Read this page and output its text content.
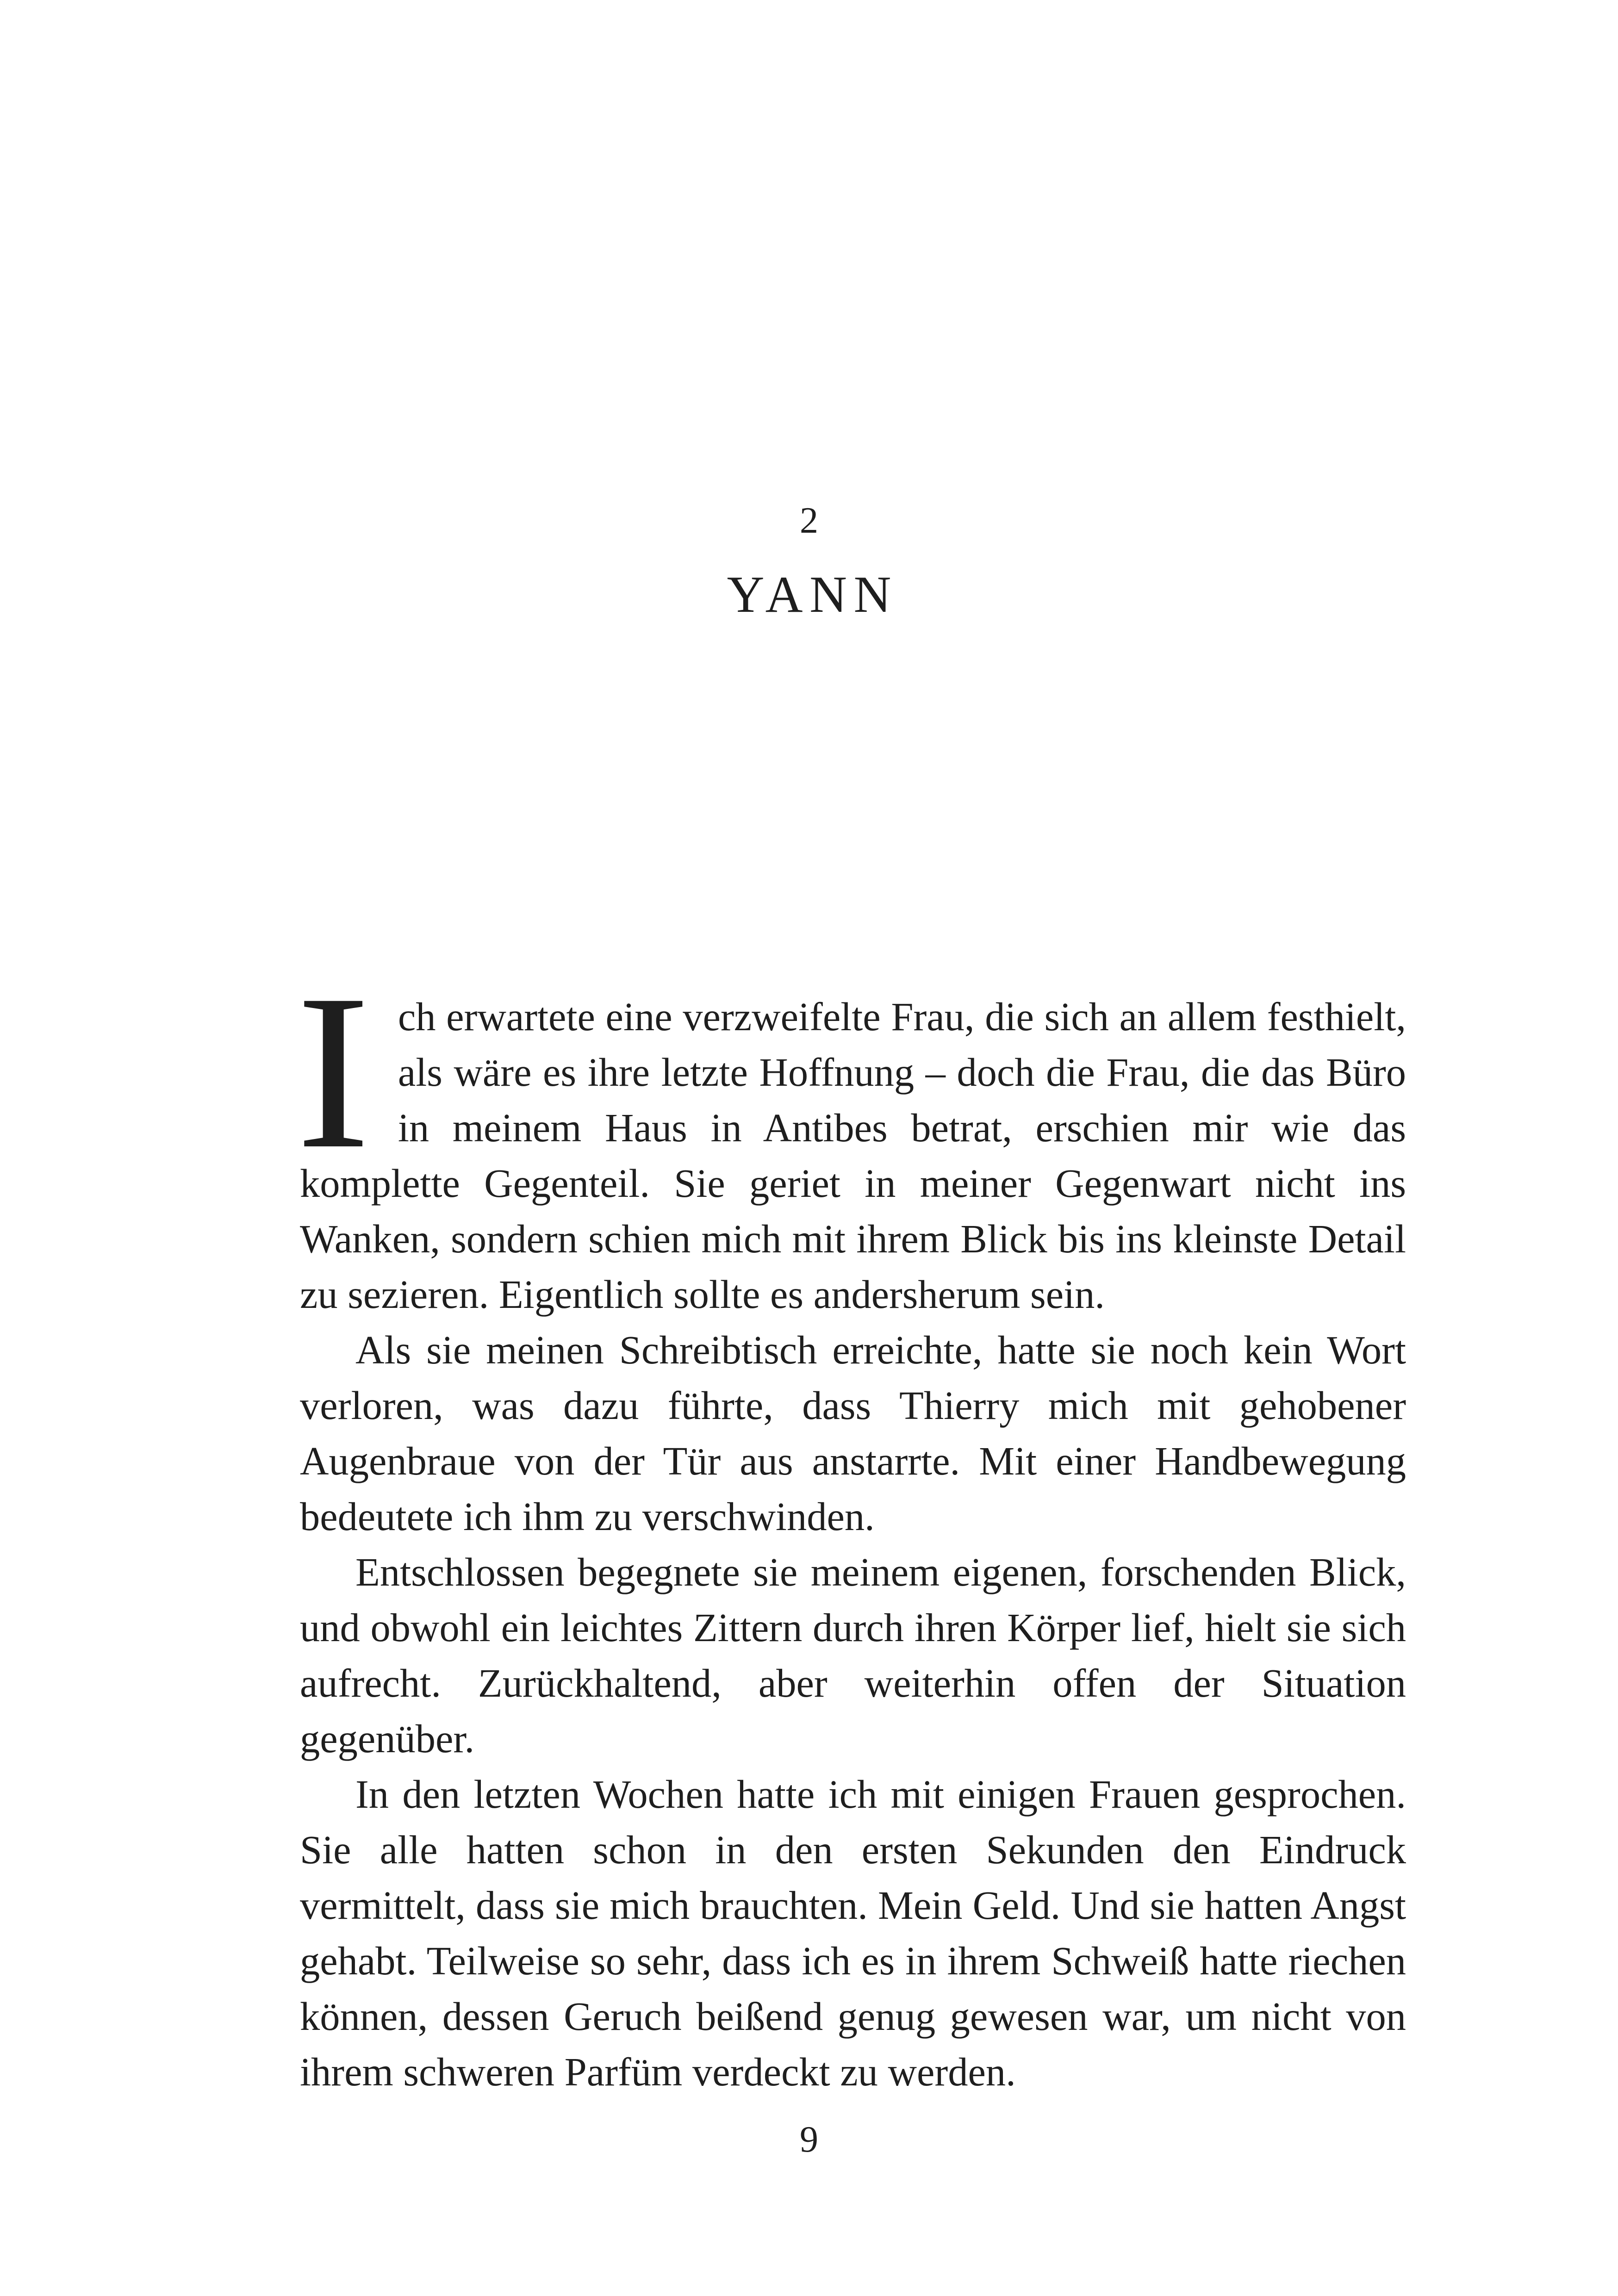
2
YANN

Ich erwartete eine verzweifelte Frau, die sich an allem festhielt, als wäre es ihre letzte Hoffnung – doch die Frau, die das Büro in meinem Haus in Antibes betrat, erschien mir wie das komplette Gegenteil. Sie geriet in meiner Gegenwart nicht ins Wanken, sondern schien mich mit ihrem Blick bis ins kleinste Detail zu sezieren. Eigentlich sollte es andersherum sein.

Als sie meinen Schreibtisch erreichte, hatte sie noch kein Wort verloren, was dazu führte, dass Thierry mich mit gehobener Augenbraue von der Tür aus anstarrte. Mit einer Handbewegung bedeutete ich ihm zu verschwinden.

Entschlossen begegnete sie meinem eigenen, forschenden Blick, und obwohl ein leichtes Zittern durch ihren Körper lief, hielt sie sich aufrecht. Zurückhaltend, aber weiterhin offen der Situation gegenüber.

In den letzten Wochen hatte ich mit einigen Frauen gesprochen. Sie alle hatten schon in den ersten Sekunden den Eindruck vermittelt, dass sie mich brauchten. Mein Geld. Und sie hatten Angst gehabt. Teilweise so sehr, dass ich es in ihrem Schweiß hatte riechen können, dessen Geruch beißend genug gewesen war, um nicht von ihrem schweren Parfüm verdeckt zu werden.

9
